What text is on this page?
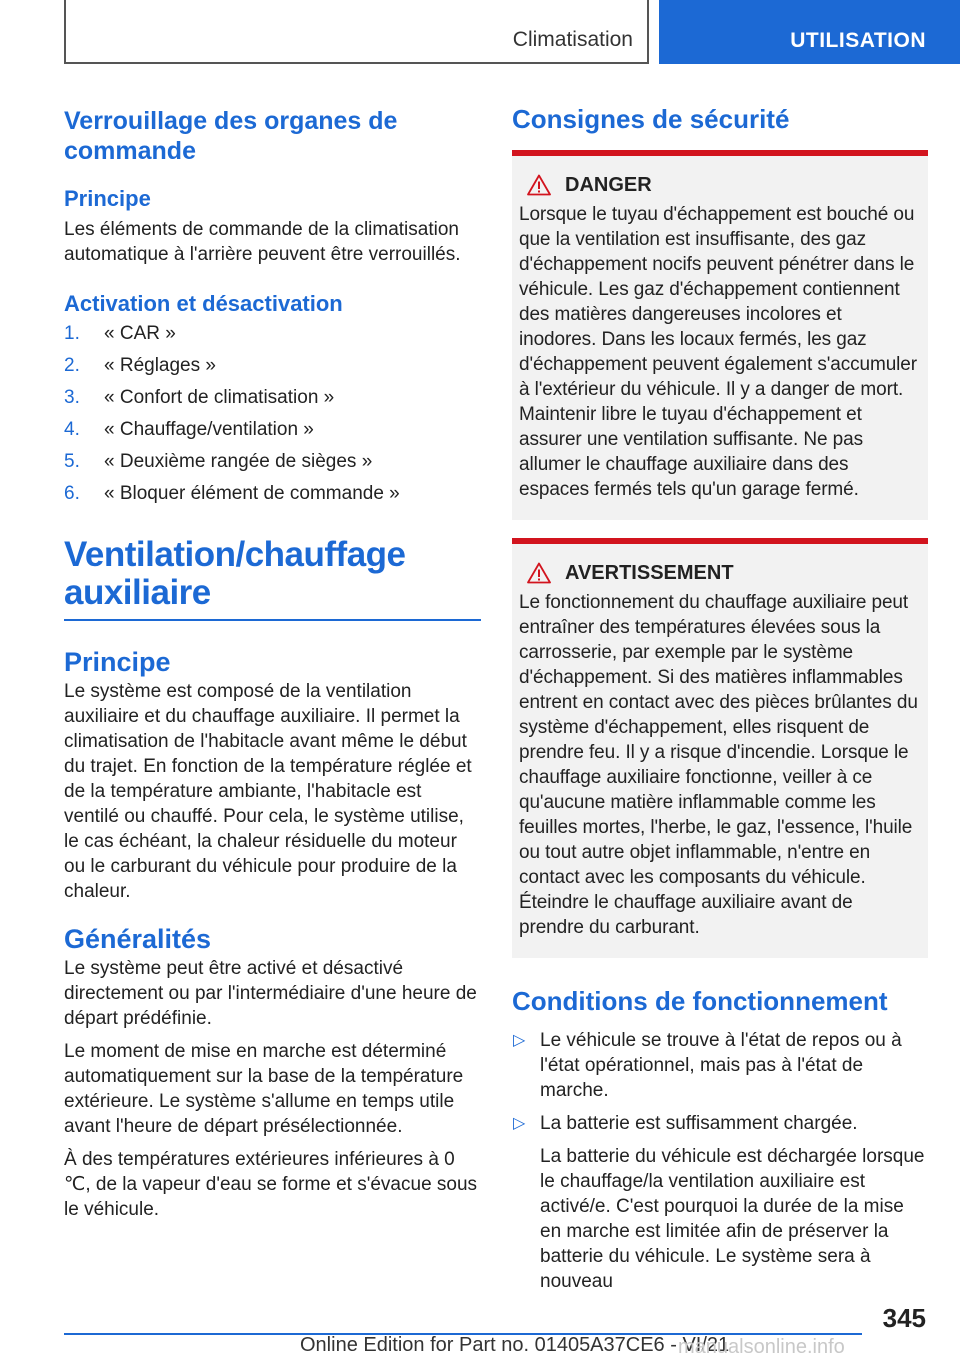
Climatisation	UTILISATION
Verrouillage des organes de commande
Principe
Les éléments de commande de la climatisation automatique à l'arrière peuvent être verrouillés.
Activation et désactivation
1.	« CAR »
2.	« Réglages »
3.	« Confort de climatisation »
4.	« Chauffage/ventilation »
5.	« Deuxième rangée de sièges »
6.	« Bloquer élément de commande »
Ventilation/chauffage auxiliaire
Principe
Le système est composé de la ventilation auxiliaire et du chauffage auxiliaire. Il permet la climatisation de l'habitacle avant même le début du trajet. En fonction de la température réglée et de la température ambiante, l'habitacle est ventilé ou chauffé. Pour cela, le système utilise, le cas échéant, la chaleur résiduelle du moteur ou le carburant du véhicule pour produire de la chaleur.
Généralités
Le système peut être activé et désactivé directement ou par l'intermédiaire d'une heure de départ prédéfinie.
Le moment de mise en marche est déterminé automatiquement sur la base de la température extérieure. Le système s'allume en temps utile avant l'heure de départ présélectionnée.
À des températures extérieures inférieures à 0 ℃, de la vapeur d'eau se forme et s'évacue sous le véhicule.
Consignes de sécurité
DANGER
Lorsque le tuyau d'échappement est bouché ou que la ventilation est insuffisante, des gaz d'échappement nocifs peuvent pénétrer dans le véhicule. Les gaz d'échappement contiennent des matières dangereuses incolores et inodores. Dans les locaux fermés, les gaz d'échappement peuvent également s'accumuler à l'extérieur du véhicule. Il y a danger de mort. Maintenir libre le tuyau d'échappement et assurer une ventilation suffisante. Ne pas allumer le chauffage auxiliaire dans des espaces fermés tels qu'un garage fermé.
AVERTISSEMENT
Le fonctionnement du chauffage auxiliaire peut entraîner des températures élevées sous la carrosserie, par exemple par le système d'échappement. Si des matières inflammables entrent en contact avec des pièces brûlantes du système d'échappement, elles risquent de prendre feu. Il y a risque d'incendie. Lorsque le chauffage auxiliaire fonctionne, veiller à ce qu'aucune matière inflammable comme les feuilles mortes, l'herbe, le gaz, l'essence, l'huile ou tout autre objet inflammable, n'entre en contact avec les composants du véhicule. Éteindre le chauffage auxiliaire avant de prendre du carburant.
Conditions de fonctionnement
▷ Le véhicule se trouve à l'état de repos ou à l'état opérationnel, mais pas à l'état de marche.
▷ La batterie est suffisamment chargée.
La batterie du véhicule est déchargée lorsque le chauffage/la ventilation auxiliaire est activé/e. C'est pourquoi la durée de la mise en marche est limitée afin de préserver la batterie du véhicule. Le système sera à nouveau
345
Online Edition for Part no. 01405A37CE6 - VI/21
manualsonline.info
